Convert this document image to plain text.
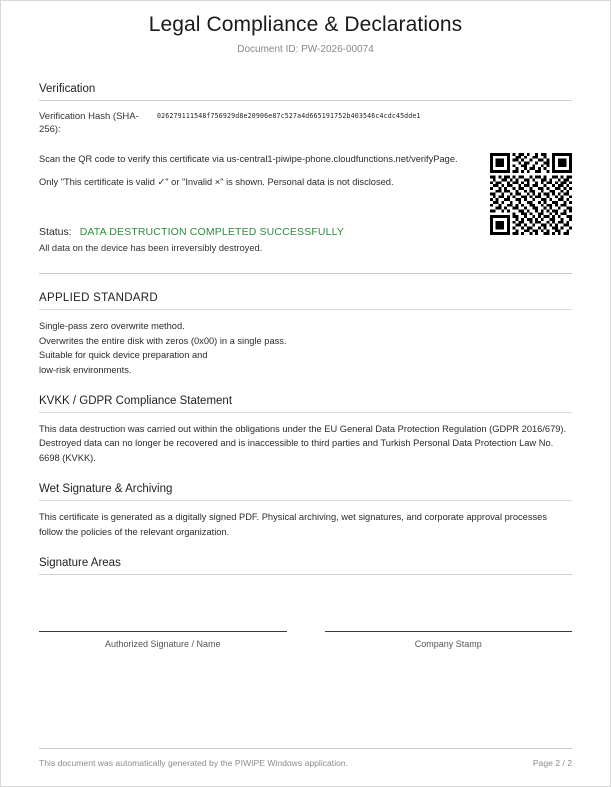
Legal Compliance & Declarations
Document ID: PW-2026-00074
Verification
Verification Hash (SHA-256):
026279111548f756929d8e20906e87c527a4d665191752b403546c4cdc45dde1

Scan the QR code to verify this certificate via us-central1-piwipe-phone.cloudfunctions.net/verifyPage.

Only "This certificate is valid ✓" or "Invalid ×" is shown. Personal data is not disclosed.

Status: DATA DESTRUCTION COMPLETED SUCCESSFULLY
All data on the device has been irreversibly destroyed.
APPLIED STANDARD
Single-pass zero overwrite method.
Overwrites the entire disk with zeros (0x00) in a single pass.
Suitable for quick device preparation and
low-risk environments.
KVKK / GDPR Compliance Statement
This data destruction was carried out within the obligations under the EU General Data Protection Regulation (GDPR 2016/679). Destroyed data can no longer be recovered and is inaccessible to third parties and Turkish Personal Data Protection Law No. 6698 (KVKK).
Wet Signature & Archiving
This certificate is generated as a digitally signed PDF. Physical archiving, wet signatures, and corporate approval processes follow the policies of the relevant organization.
Signature Areas
Authorized Signature / Name	Company Stamp
This document was automatically generated by the PIWIPE Windows application.	Page 2 / 2
